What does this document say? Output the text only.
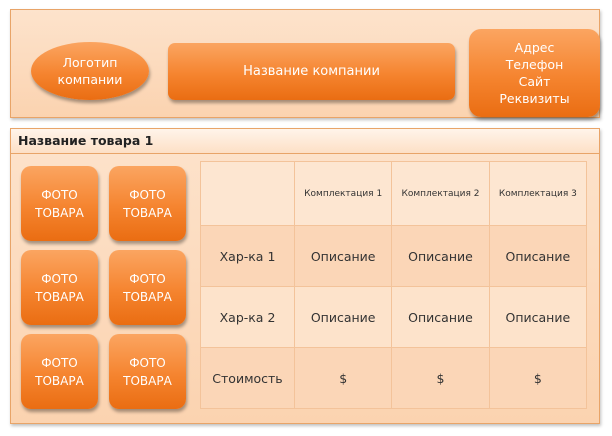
Логотип
компании
Название компании
Адрес
Телефон
Сайт
Реквизиты
Название товара 1
ФОТО
ТОВАРА
ФОТО
ТОВАРА
ФОТО
ТОВАРА
ФОТО
ТОВАРА
ФОТО
ТОВАРА
ФОТО
ТОВАРА
	Комплектация 1	Комплектация 2	Комплектация 3
Хар-ка 1	Описание	Описание	Описание
Хар-ка 2	Описание	Описание	Описание
Стоимость	$	$	$
